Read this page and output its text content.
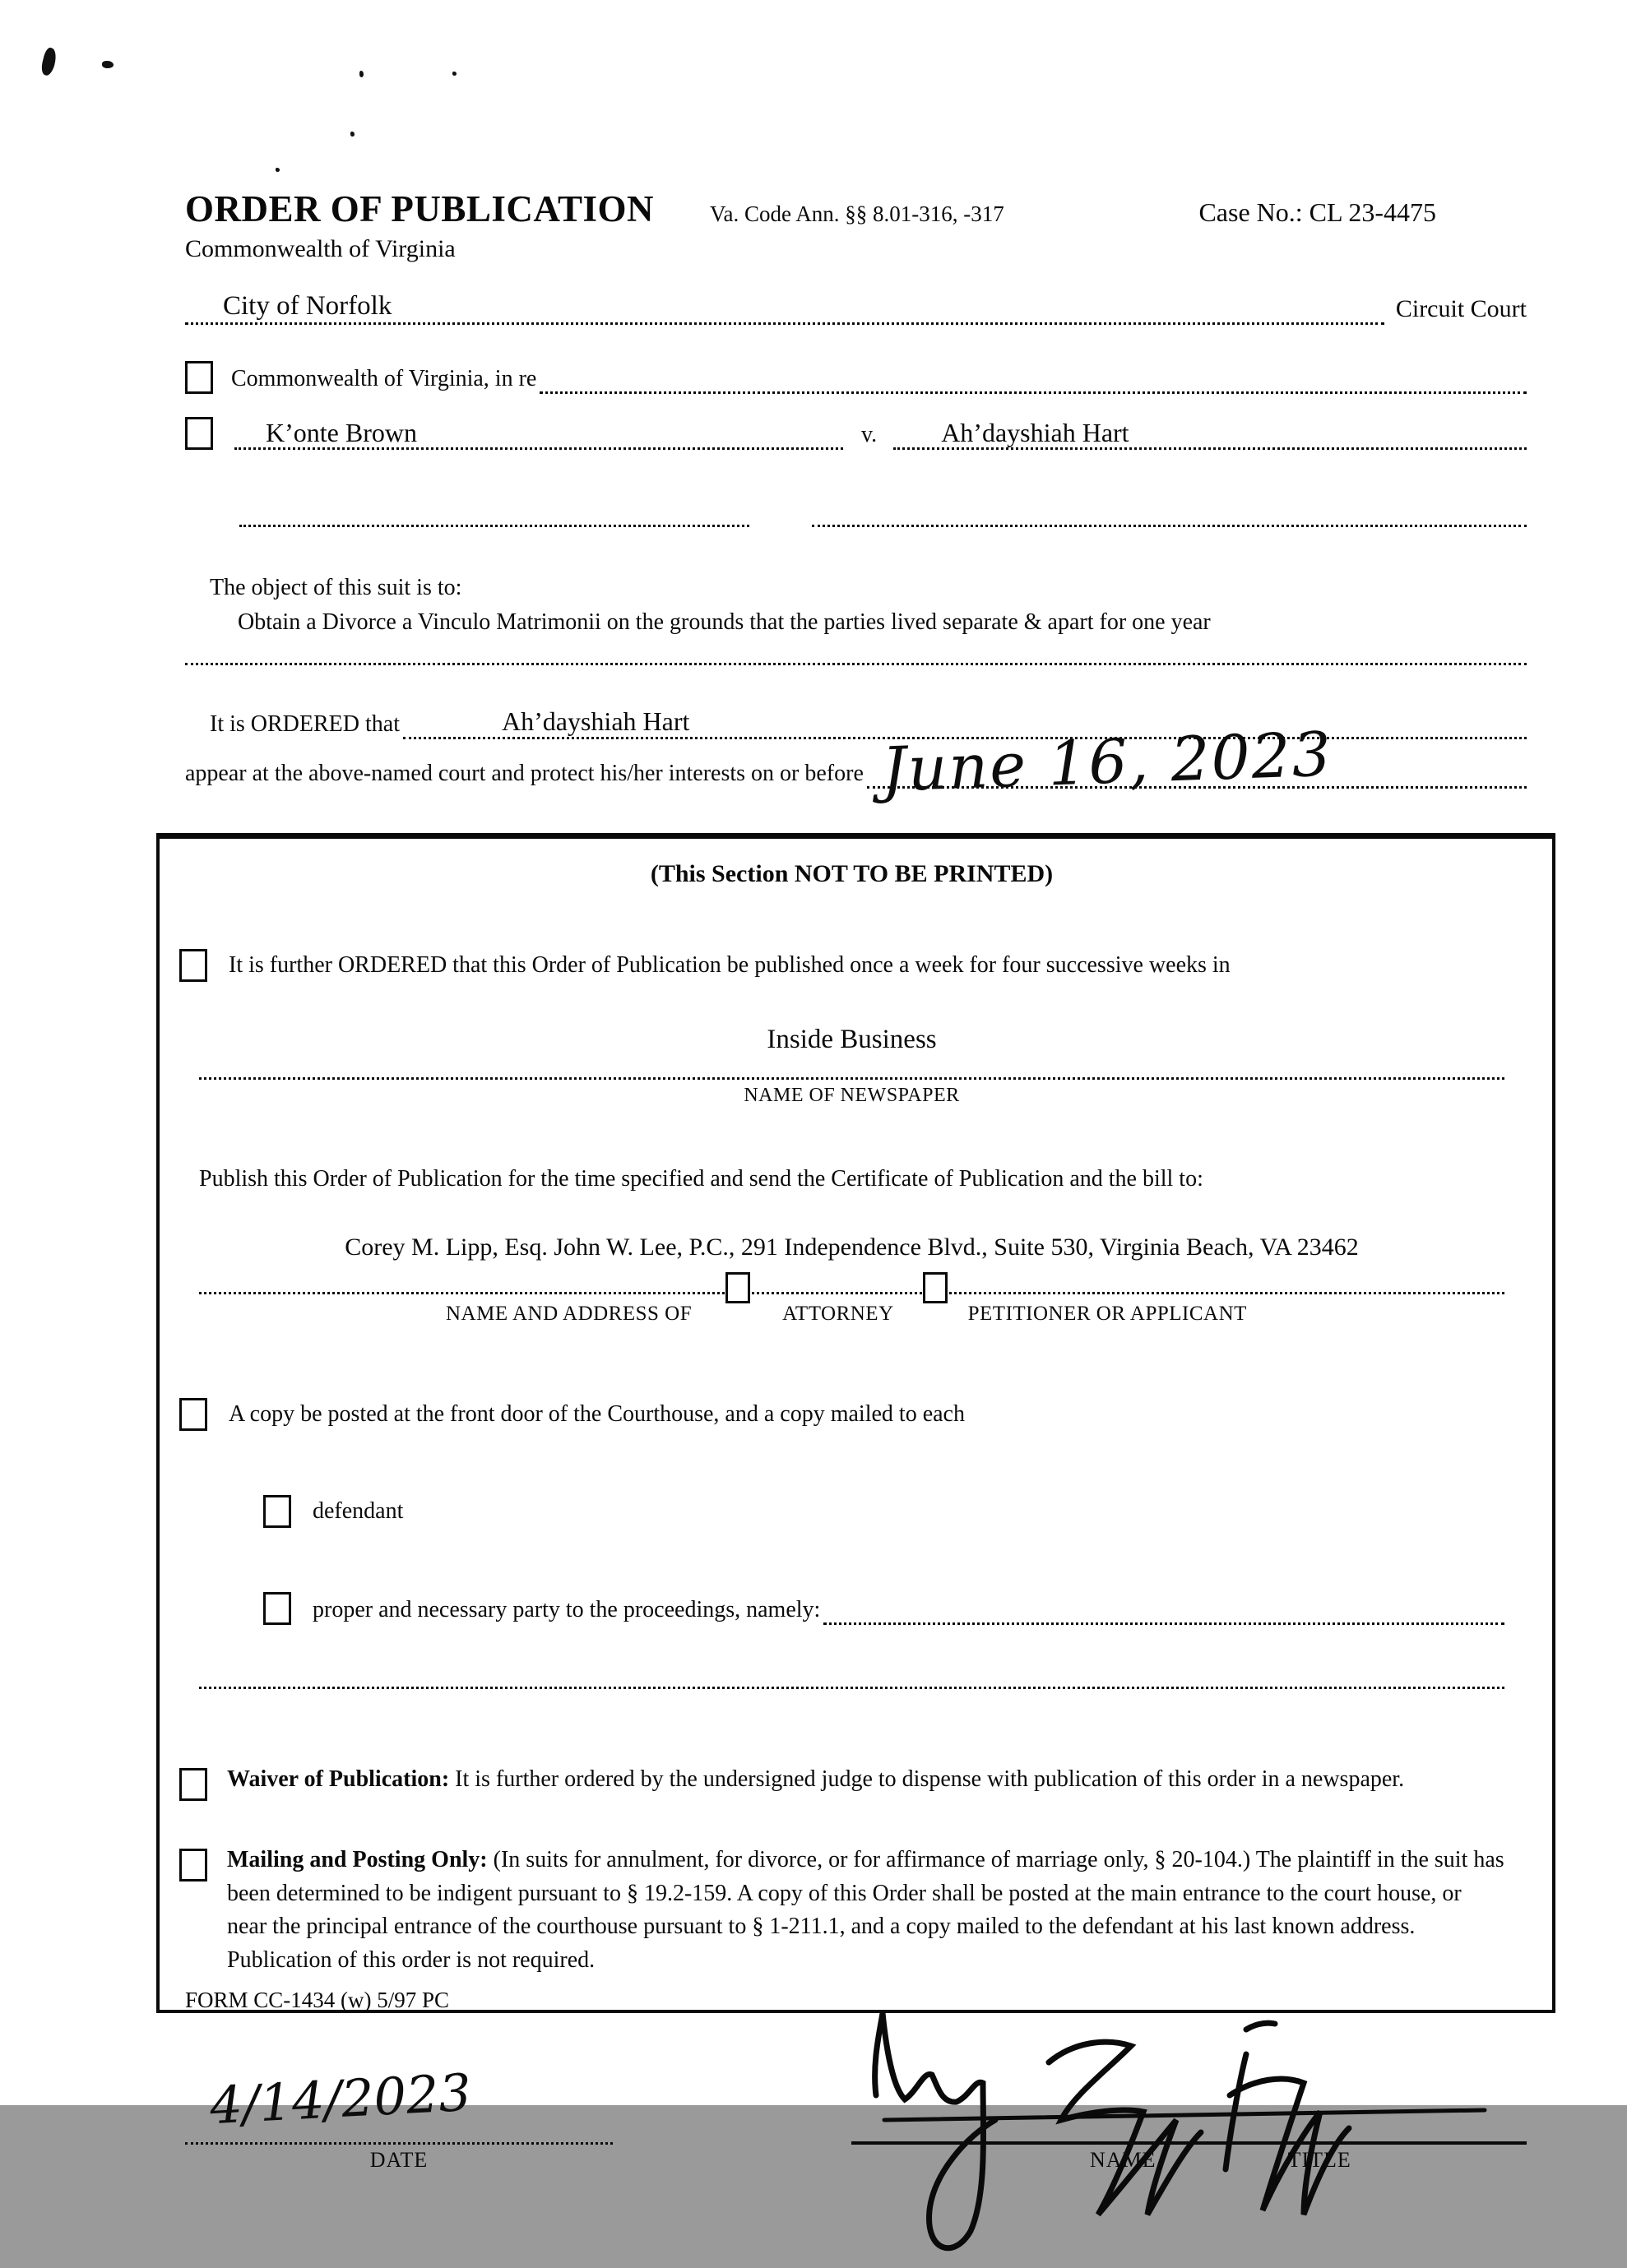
ORDER OF PUBLICATION	Va. Code Ann. §§ 8.01-316, -317	Case No.: CL 23-4475
Commonwealth of Virginia
City of Norfolk	Circuit Court
Commonwealth of Virginia, in re
K’onte Brown	v.	Ah’dayshiah Hart
The object of this suit is to:
Obtain a Divorce a Vinculo Matrimonii on the grounds that the parties lived separate & apart for one year
It is ORDERED that	Ah’dayshiah Hart
appear at the above-named court and protect his/her interests on or before June 16, 2023
(This Section NOT TO BE PRINTED)
It is further ORDERED that this Order of Publication be published once a week for four successive weeks in
Inside Business
NAME OF NEWSPAPER
Publish this Order of Publication for the time specified and send the Certificate of Publication and the bill to:
Corey M. Lipp, Esq. John W. Lee, P.C., 291 Independence Blvd., Suite 530, Virginia Beach, VA 23462
NAME AND ADDRESS OF	ATTORNEY	PETITIONER OR APPLICANT
A copy be posted at the front door of the Courthouse, and a copy mailed to each
defendant
proper and necessary party to the proceedings, namely:
Waiver of Publication: It is further ordered by the undersigned judge to dispense with publication of this order in a newspaper.
Mailing and Posting Only: (In suits for annulment, for divorce, or for affirmance of marriage only, § 20-104.) The plaintiff in the suit has been determined to be indigent pursuant to § 19.2-159. A copy of this Order shall be posted at the main entrance to the court house, or near the principal entrance of the courthouse pursuant to § 1-211.1, and a copy mailed to the defendant at his last known address. Publication of this order is not required.
4/14/2023
DATE	NAME	TITLE
FORM CC-1434 (w) 5/97 PC
